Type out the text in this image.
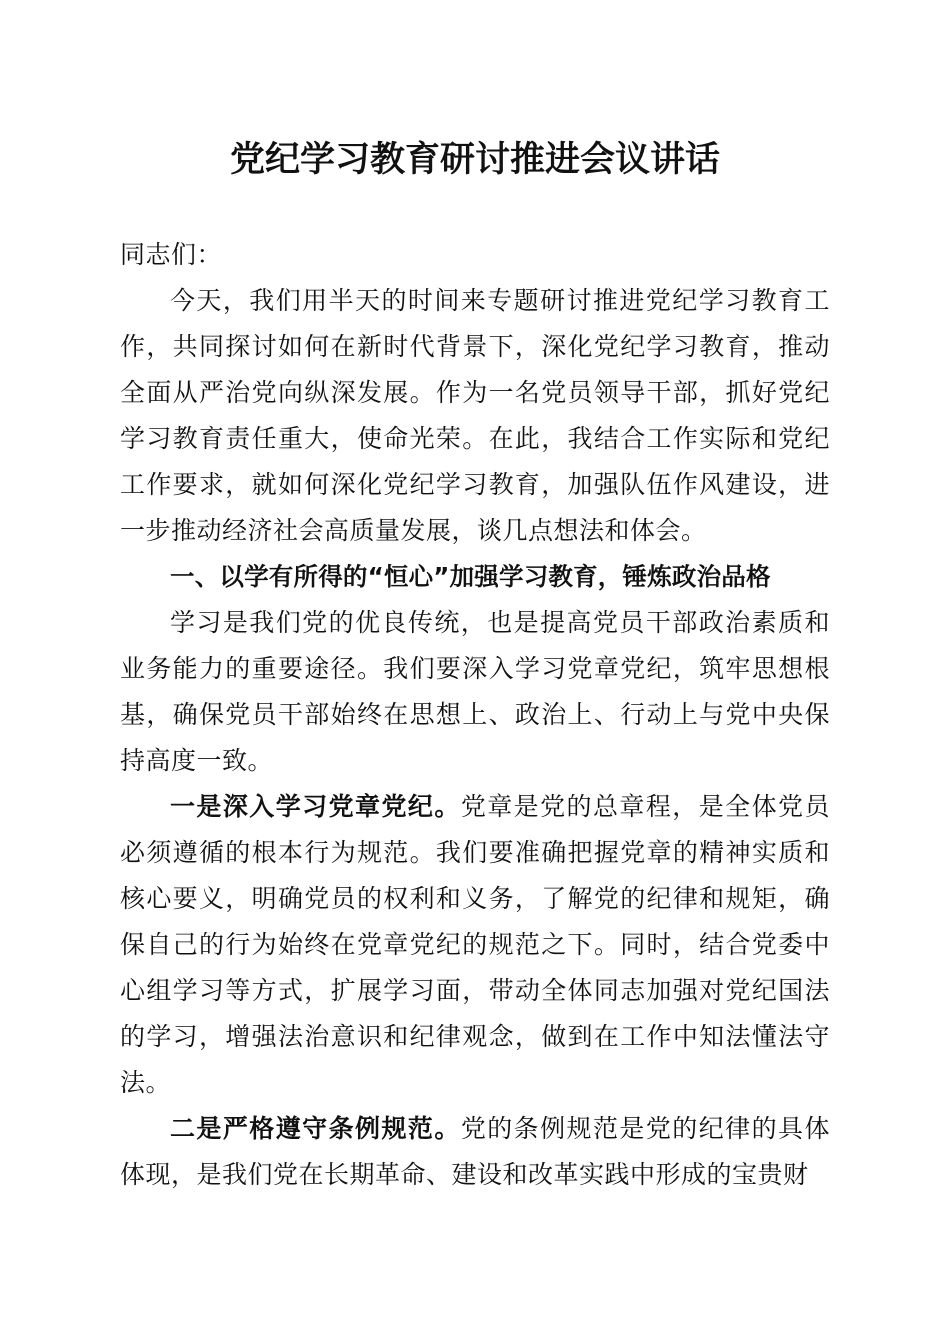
党纪学习教育研讨推进会议讲话
同志们：

今天，我们用半天的时间来专题研讨推进党纪学习教育工作，共同探讨如何在新时代背景下，深化党纪学习教育，推动全面从严治党向纵深发展。作为一名党员领导干部，抓好党纪学习教育责任重大，使命光荣。在此，我结合工作实际和党纪工作要求，就如何深化党纪学习教育，加强队伍作风建设，进一步推动经济社会高质量发展，谈几点想法和体会。

一、以学有所得的“恒心”加强学习教育，锤炼政治品格

学习是我们党的优良传统，也是提高党员干部政治素质和业务能力的重要途径。我们要深入学习党章党纪，筑牢思想根基，确保党员干部始终在思想上、政治上、行动上与党中央保持高度一致。

一是深入学习党章党纪。党章是党的总章程，是全体党员必须遵循的根本行为规范。我们要准确把握党章的精神实质和核心要义，明确党员的权利和义务，了解党的纪律和规矩，确保自己的行为始终在党章党纪的规范之下。同时，结合党委中心组学习等方式，扩展学习面，带动全体同志加强对党纪国法的学习，增强法治意识和纪律观念，做到在工作中知法懂法守法。

二是严格遵守条例规范。党的条例规范是党的纪律的具体体现，是我们党在长期革命、建设和改革实践中形成的宝贵财
